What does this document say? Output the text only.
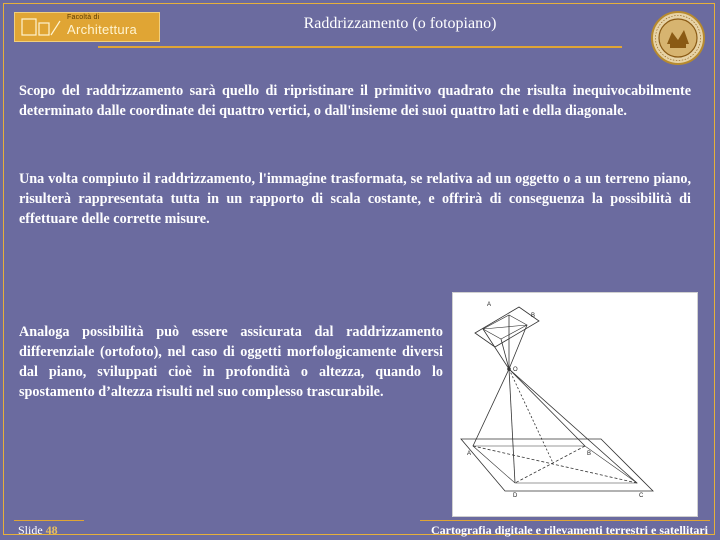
Facoltà di
Architettura	Raddrizzamento (o fotopiano)
Scopo del raddrizzamento sarà quello di ripristinare il primitivo quadrato che risulta inequivocabilmente determinato dalle coordinate dei quattro vertici, o dall'insieme dei suoi quattro lati e della diagonale.
Una volta compiuto il raddrizzamento, l'immagine trasformata, se relativa ad un oggetto o a un terreno piano, risulterà rappresentata tutta in un rapporto di scala costante, e offrirà di conseguenza la possibilità di effettuare delle corrette misure.
Analoga possibilità può essere assicurata dal raddrizzamento differenziale (ortofoto), nel caso di oggetti morfologicamente diversi dal piano, sviluppati cioè in profondità o altezza, quando lo spostamento d’altezza risulti nel suo complesso trascurabile.
A
B
O
A	B
C
D
Slide 48	Cartografia digitale e rilevamenti terrestri e satellitari
